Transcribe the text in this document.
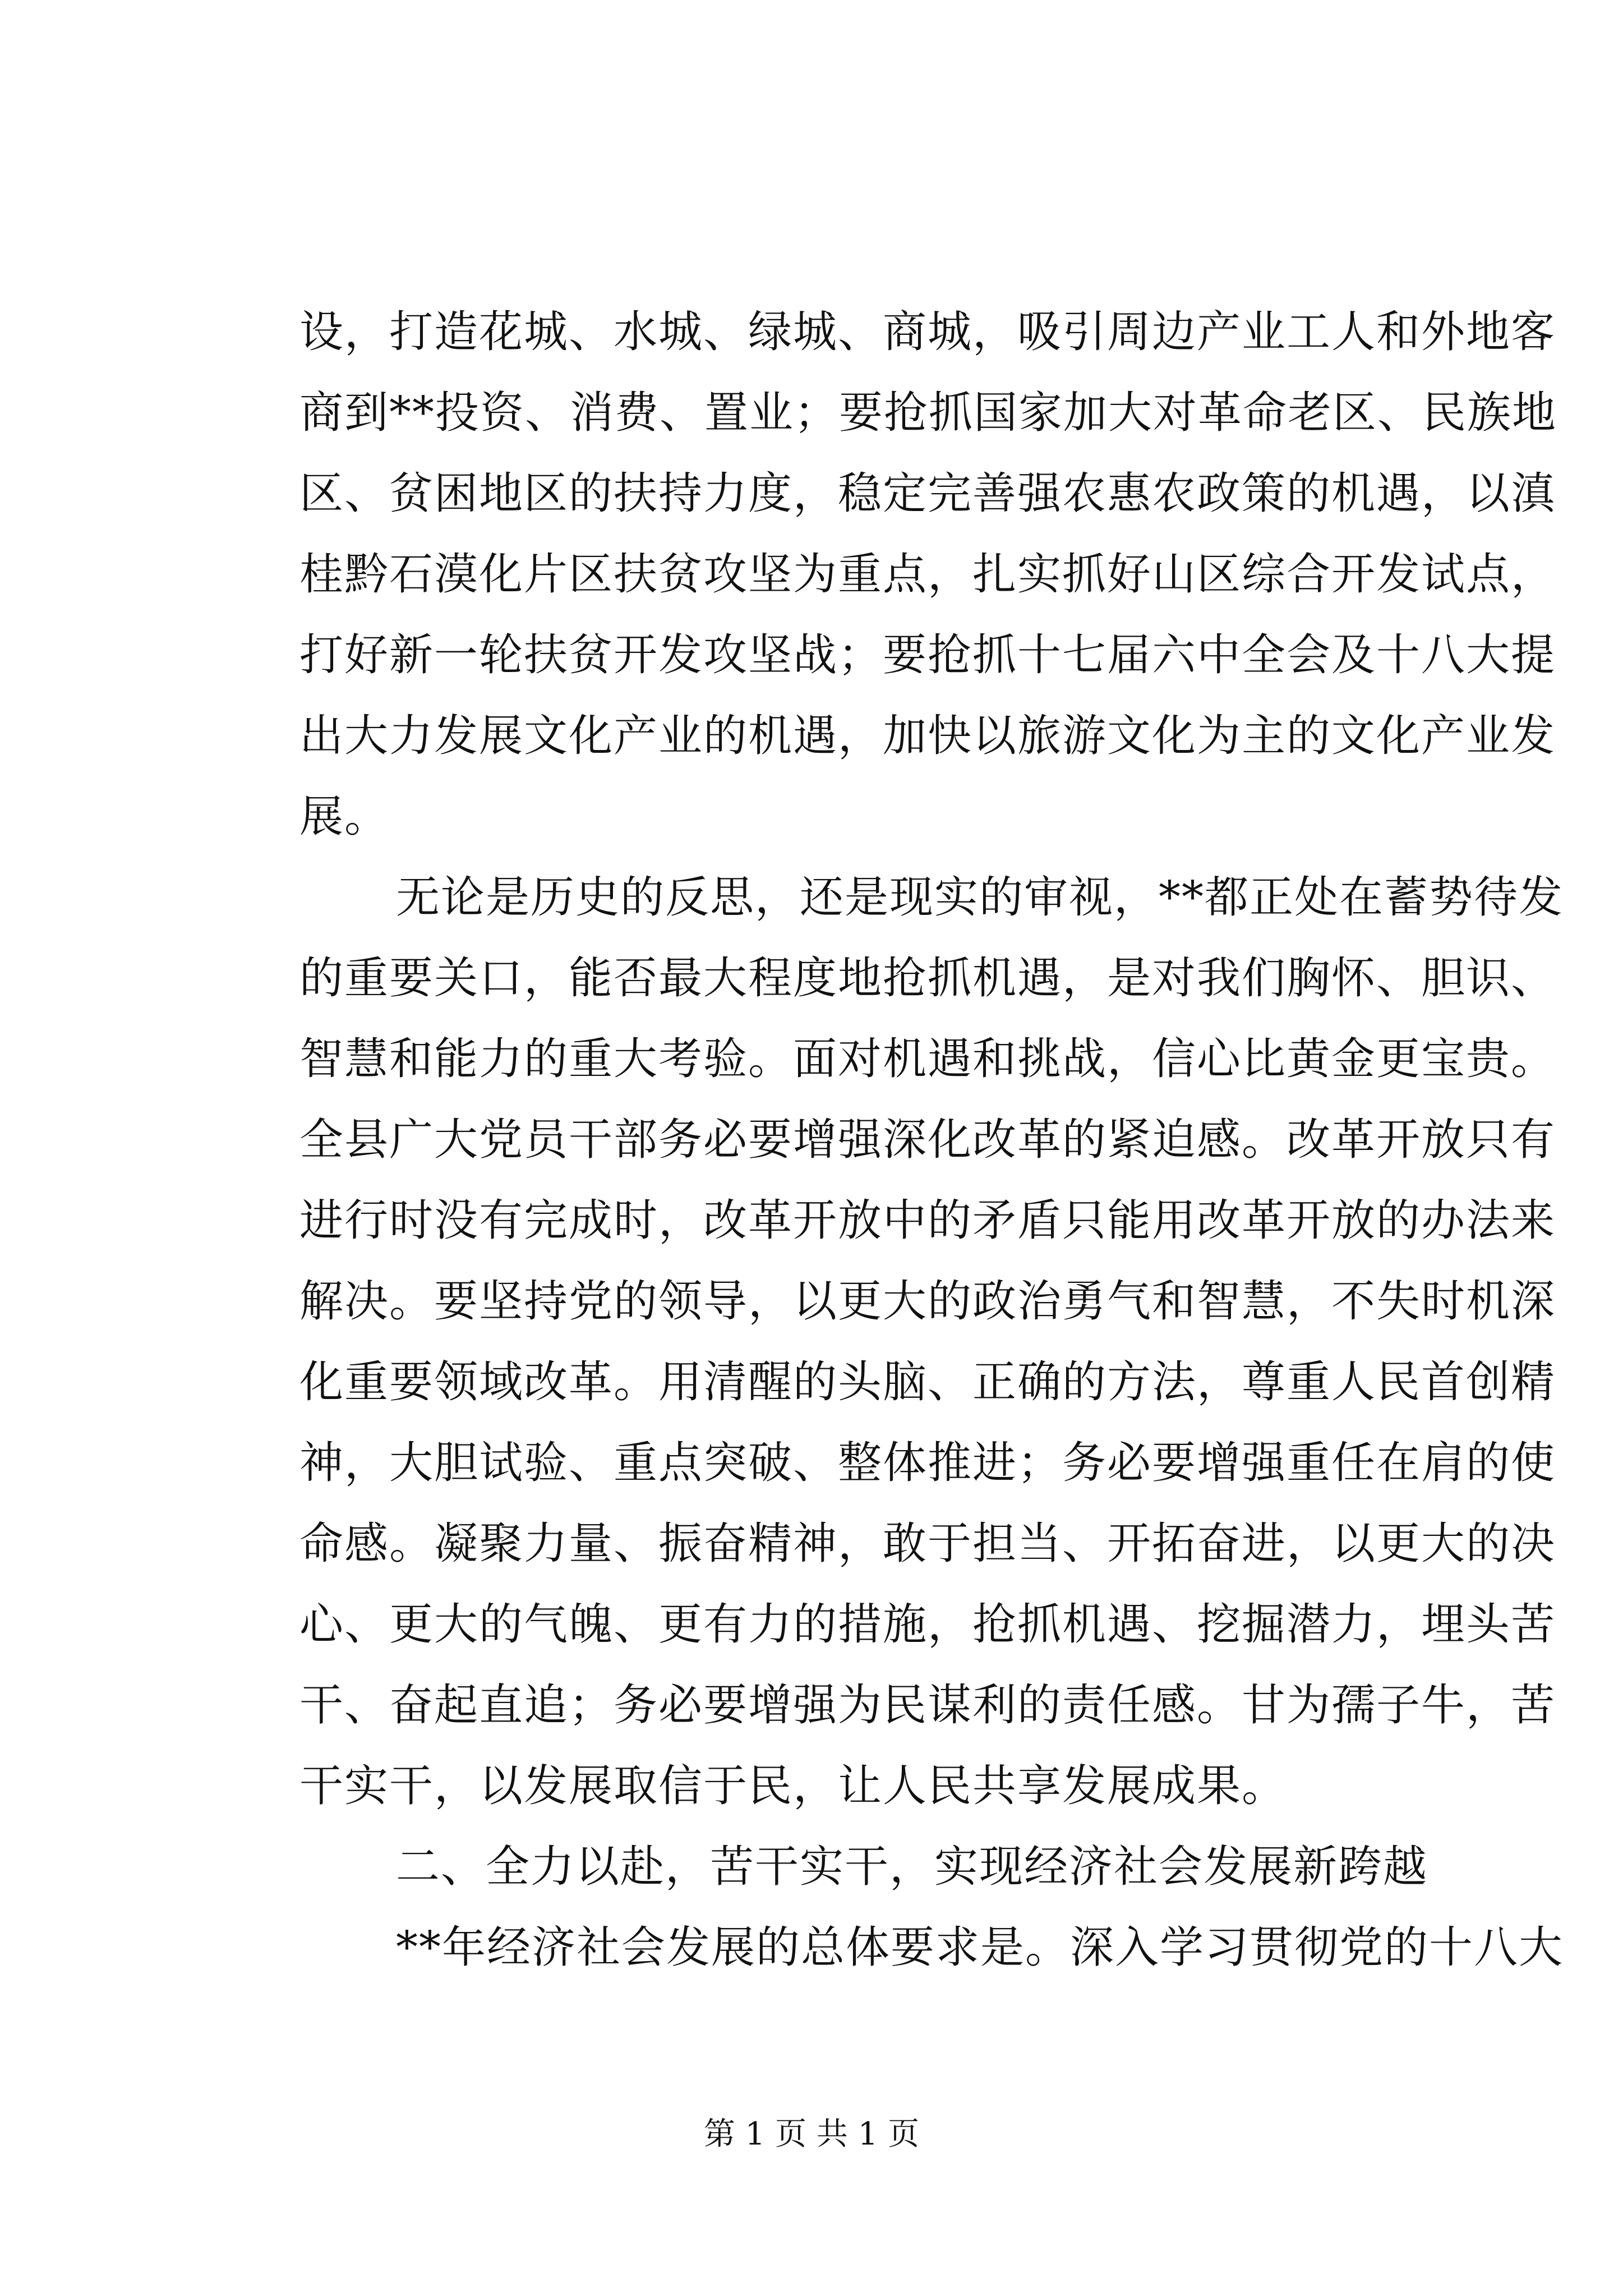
设，打造花城、水城、绿城、商城，吸引周边产业工人和外地客
商到**投资、消费、置业；要抢抓国家加大对革命老区、民族地
区、贫困地区的扶持力度，稳定完善强农惠农政策的机遇，以滇
桂黔石漠化片区扶贫攻坚为重点，扎实抓好山区综合开发试点，
打好新一轮扶贫开发攻坚战；要抢抓十七届六中全会及十八大提
出大力发展文化产业的机遇，加快以旅游文化为主的文化产业发
展。
无论是历史的反思，还是现实的审视，**都正处在蓄势待发
的重要关口，能否最大程度地抢抓机遇，是对我们胸怀、胆识、
智慧和能力的重大考验。面对机遇和挑战，信心比黄金更宝贵。
全县广大党员干部务必要增强深化改革的紧迫感。改革开放只有
进行时没有完成时，改革开放中的矛盾只能用改革开放的办法来
解决。要坚持党的领导，以更大的政治勇气和智慧，不失时机深
化重要领域改革。用清醒的头脑、正确的方法，尊重人民首创精
神，大胆试验、重点突破、整体推进；务必要增强重任在肩的使
命感。凝聚力量、振奋精神，敢于担当、开拓奋进，以更大的决
心、更大的气魄、更有力的措施，抢抓机遇、挖掘潜力，埋头苦
干、奋起直追；务必要增强为民谋利的责任感。甘为孺子牛，苦
干实干，以发展取信于民，让人民共享发展成果。
二、全力以赴，苦干实干，实现经济社会发展新跨越
**年经济社会发展的总体要求是。深入学习贯彻党的十八大
第 1 页 共 1 页
